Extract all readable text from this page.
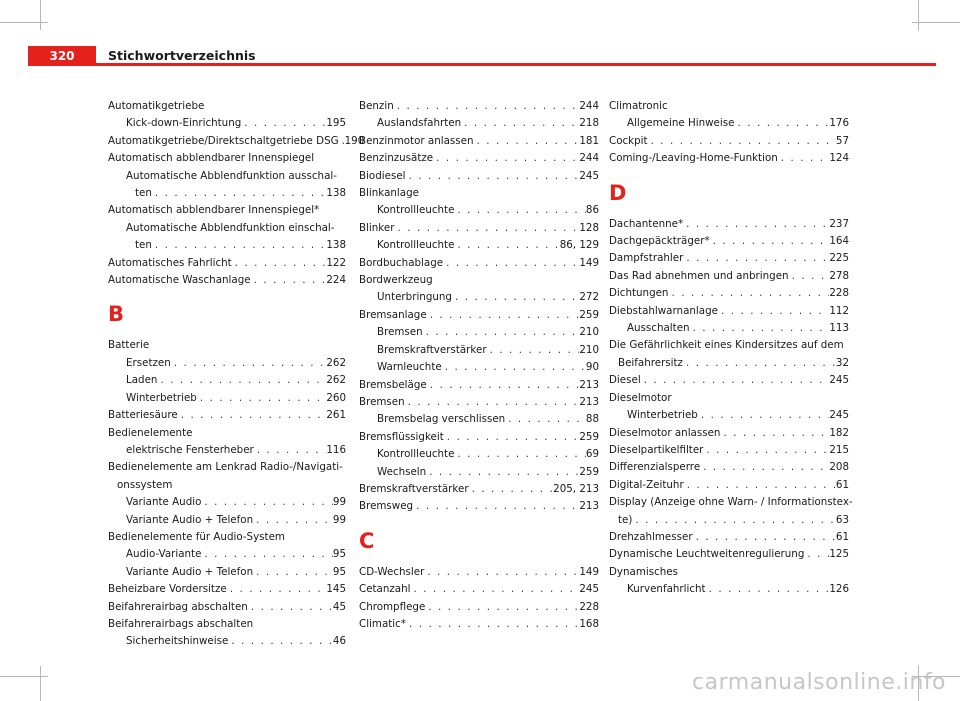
320	Stichwortverzeichnis
Automatikgetriebe
Kick-down-Einrichtung . . .	195
Automatikgetriebe/Direktschaltgetriebe DSG . . . 190
Automatisch abblendbarer Innenspiegel
Automatische Abblendfunktion ausschal-
ten . . .	138
Automatisch abblendbarer Innenspiegel*
Automatische Abblendfunktion einschal-
ten . . .	138
Automatisches Fahrlicht . . .	122
Automatische Waschanlage . . .	224
B
Batterie
Ersetzen . . .	262
Laden . . .	262
Winterbetrieb . . .	260
Batteriesäure . . .	261
Bedienelemente
elektrische Fensterheber . . .	116
Bedienelemente am Lenkrad Radio-/Navigati-
onssystem
Variante Audio . . .	99
Variante Audio + Telefon . . .	99
Bedienelemente für Audio-System
Audio-Variante . . .	95
Variante Audio + Telefon . . .	95
Beheizbare Vordersitze . . .	145
Beifahrerairbag abschalten . . .	45
Beifahrerairbags abschalten
Sicherheitshinweise . . .	46
Benzin . . .	244
Auslandsfahrten . . .	218
Benzinmotor anlassen . . .	181
Benzinzusätze . . .	244
Biodiesel . . .	245
Blinkanlage
Kontrollleuchte . . .	86
Blinker . . .	128
Kontrollleuchte . . .	86, 129
Bordbuchablage . . .	149
Bordwerkzeug
Unterbringung . . .	272
Bremsanlage . . .	259
Bremsen . . .	210
Bremskraftverstärker . . .	210
Warnleuchte . . .	90
Bremsbeläge . . .	213
Bremsen . . .	213
Bremsbelag verschlissen . . .	88
Bremsflüssigkeit . . .	259
Kontrollleuchte . . .	69
Wechseln . . .	259
Bremskraftverstärker . . .	205, 213
Bremsweg . . .	213
C
CD-Wechsler . . .	149
Cetanzahl . . .	245
Chrompflege . . .	228
Climatic* . . .	168
Climatronic
Allgemeine Hinweise . . .	176
Cockpit . . .	57
Coming-/Leaving-Home-Funktion . . .	124
D
Dachantenne* . . .	237
Dachgepäckträger* . . .	164
Dampfstrahler . . .	225
Das Rad abnehmen und anbringen . . .	278
Dichtungen . . .	228
Diebstahlwarnanlage . . .	112
Ausschalten . . .	113
Die Gefährlichkeit eines Kindersitzes auf dem
Beifahrersitz . . .	32
Diesel . . .	245
Dieselmotor
Winterbetrieb . . .	245
Dieselmotor anlassen . . .	182
Dieselpartikelfilter . . .	215
Differenzialsperre . . .	208
Digital-Zeituhr . . .	61
Display (Anzeige ohne Warn- / Informationstex-
te) . . .	63
Drehzahlmesser . . .	61
Dynamische Leuchtweitenregulierung . . . 125
Dynamisches
Kurvenfahrlicht . . .	126
carmanualsonline.info
